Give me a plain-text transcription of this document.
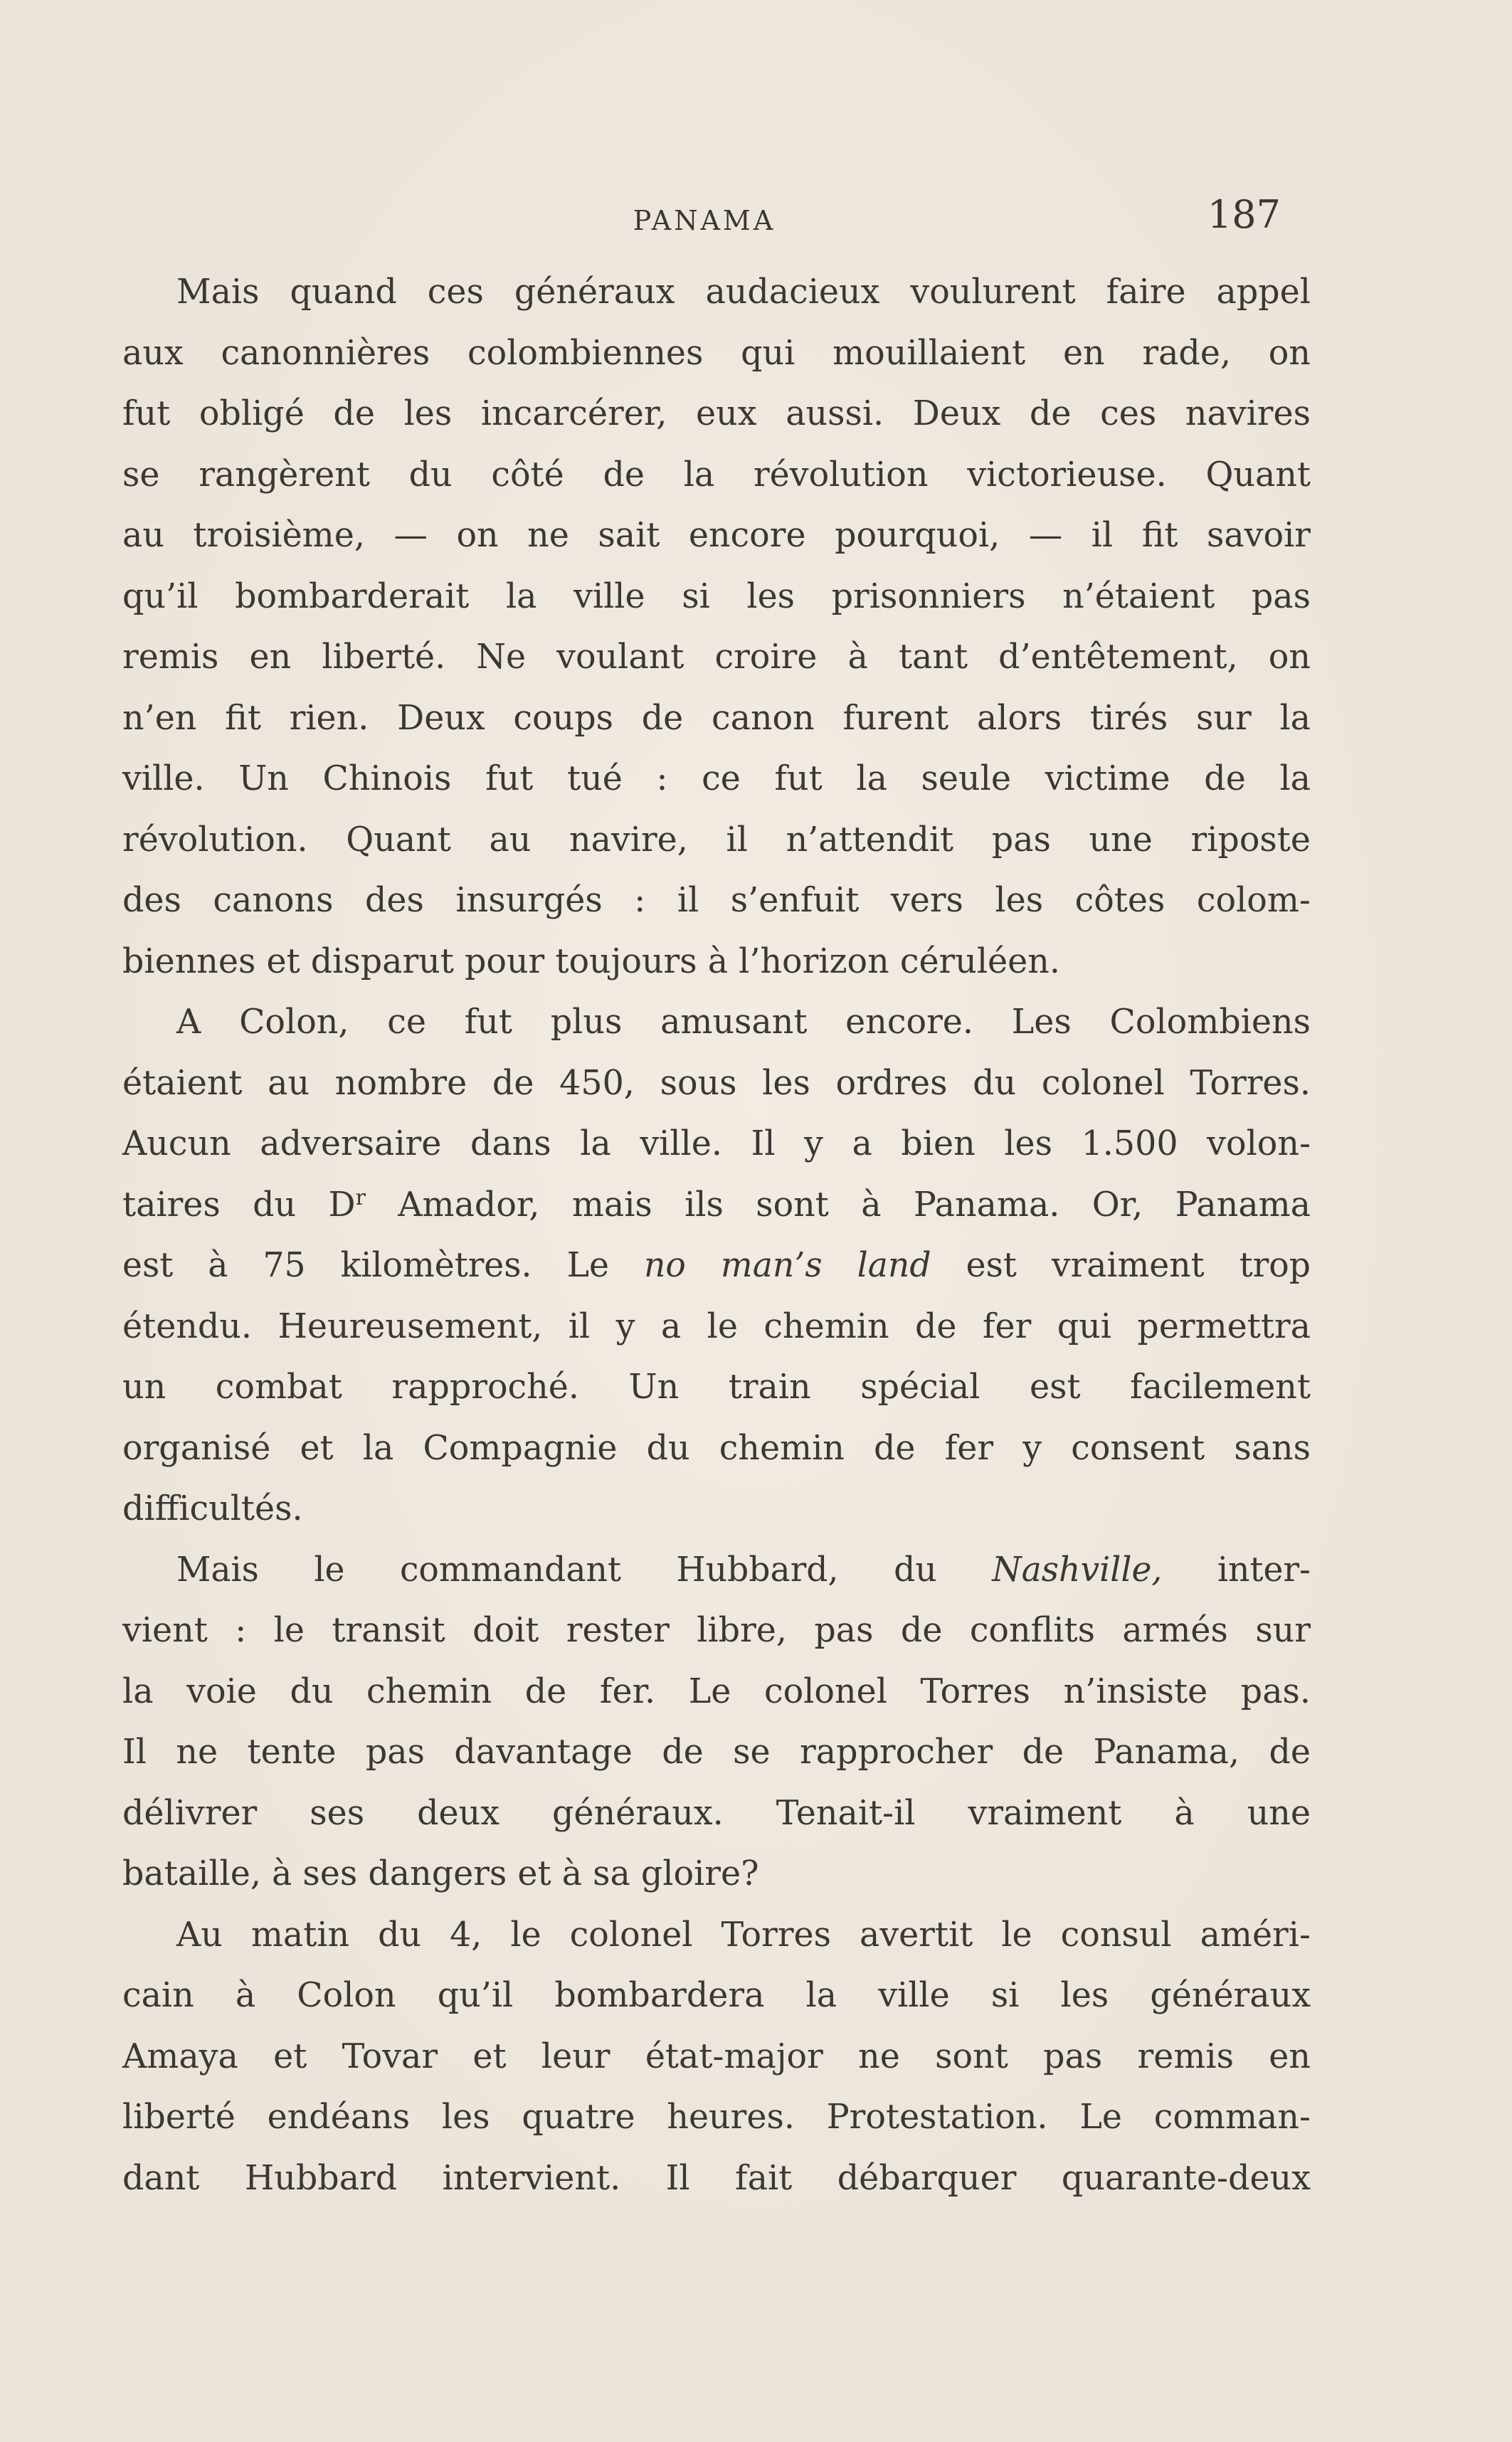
PANAMA	187
Mais quand ces généraux audacieux voulurent faire appel
aux canonnières colombiennes qui mouillaient en rade, on
fut obligé de les incarcérer, eux aussi. Deux de ces navires
se rangèrent du côté de la révolution victorieuse. Quant
au troisième, — on ne sait encore pourquoi, — il fit savoir
qu’il bombarderait la ville si les prisonniers n’étaient pas
remis en liberté. Ne voulant croire à tant d’entêtement, on
n’en fit rien. Deux coups de canon furent alors tirés sur la
ville. Un Chinois fut tué : ce fut la seule victime de la
révolution. Quant au navire, il n’attendit pas une riposte
des canons des insurgés : il s’enfuit vers les côtes colom-
biennes et disparut pour toujours à l’horizon céruléen.
A Colon, ce fut plus amusant encore. Les Colombiens
étaient au nombre de 450, sous les ordres du colonel Torres.
Aucun adversaire dans la ville. Il y a bien les 1.500 volon-
taires du $D^r$ Amador, mais ils sont à Panama. Or, Panama
est à 75 kilomètres. Le no man’s land est vraiment trop
étendu. Heureusement, il y a le chemin de fer qui permettra
un combat rapproché. Un train spécial est facilement
organisé et la Compagnie du chemin de fer y consent sans
difficultés.
Mais le commandant Hubbard, du Nashville, inter-
vient : le transit doit rester libre, pas de conflits armés sur
la voie du chemin de fer. Le colonel Torres n’insiste pas.
Il ne tente pas davantage de se rapprocher de Panama, de
délivrer ses deux généraux. Tenait-il vraiment à une
bataille, à ses dangers et à sa gloire?
Au matin du 4, le colonel Torres avertit le consul améri-
cain à Colon qu’il bombardera la ville si les généraux
Amaya et Tovar et leur état-major ne sont pas remis en
liberté endéans les quatre heures. Protestation. Le comman-
dant Hubbard intervient. Il fait débarquer quarante-deux
